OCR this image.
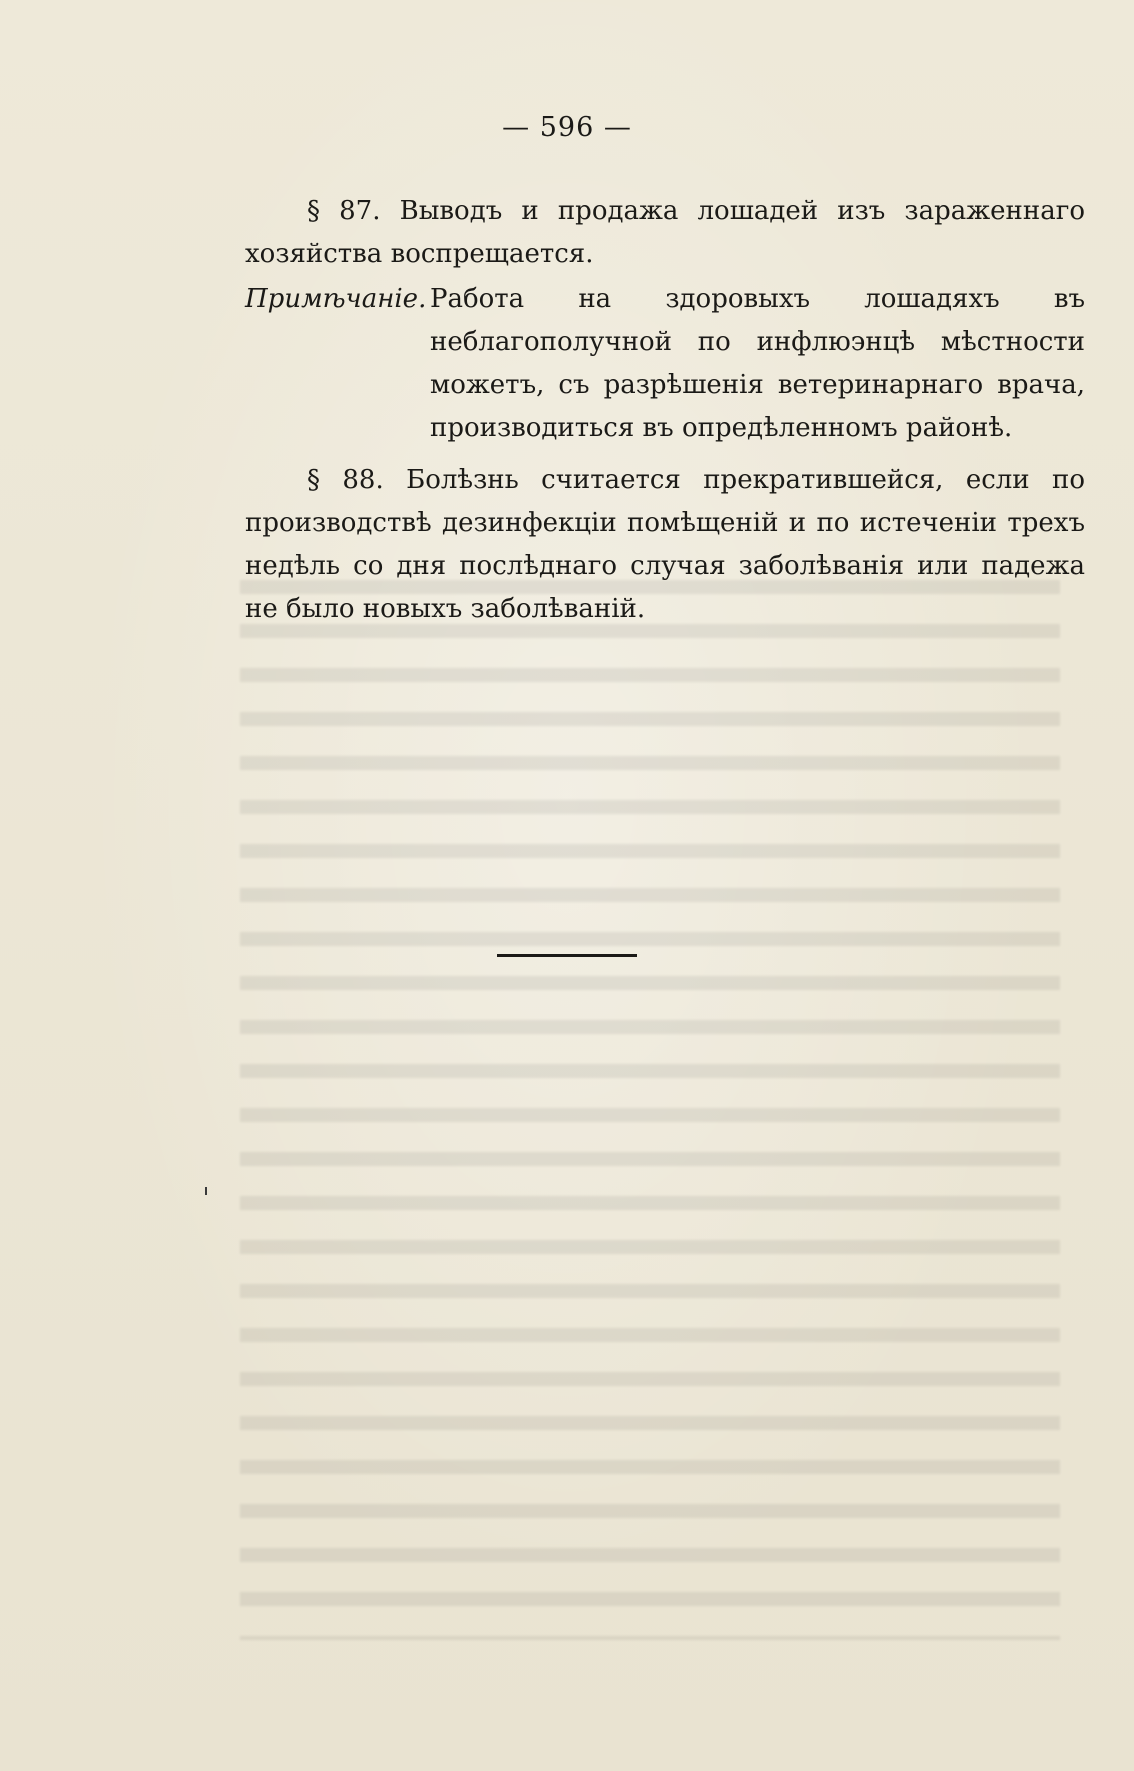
— 596 —
§ 87. Выводъ и продажа лошадей изъ зараженнаго хозяйства воспрещается.
Примѣчаніе. Работа на здоровыхъ лошадяхъ въ неблагополучной по инфлюэнцѣ мѣстности можетъ, съ разрѣшенія ветеринарнаго врача, производиться въ опредѣленномъ районѣ.
§ 88. Болѣзнь считается прекратившейся, если по производствѣ дезинфекціи помѣщеній и по истеченіи трехъ недѣль со дня послѣднаго случая заболѣванія или падежа не было новыхъ заболѣваній.
